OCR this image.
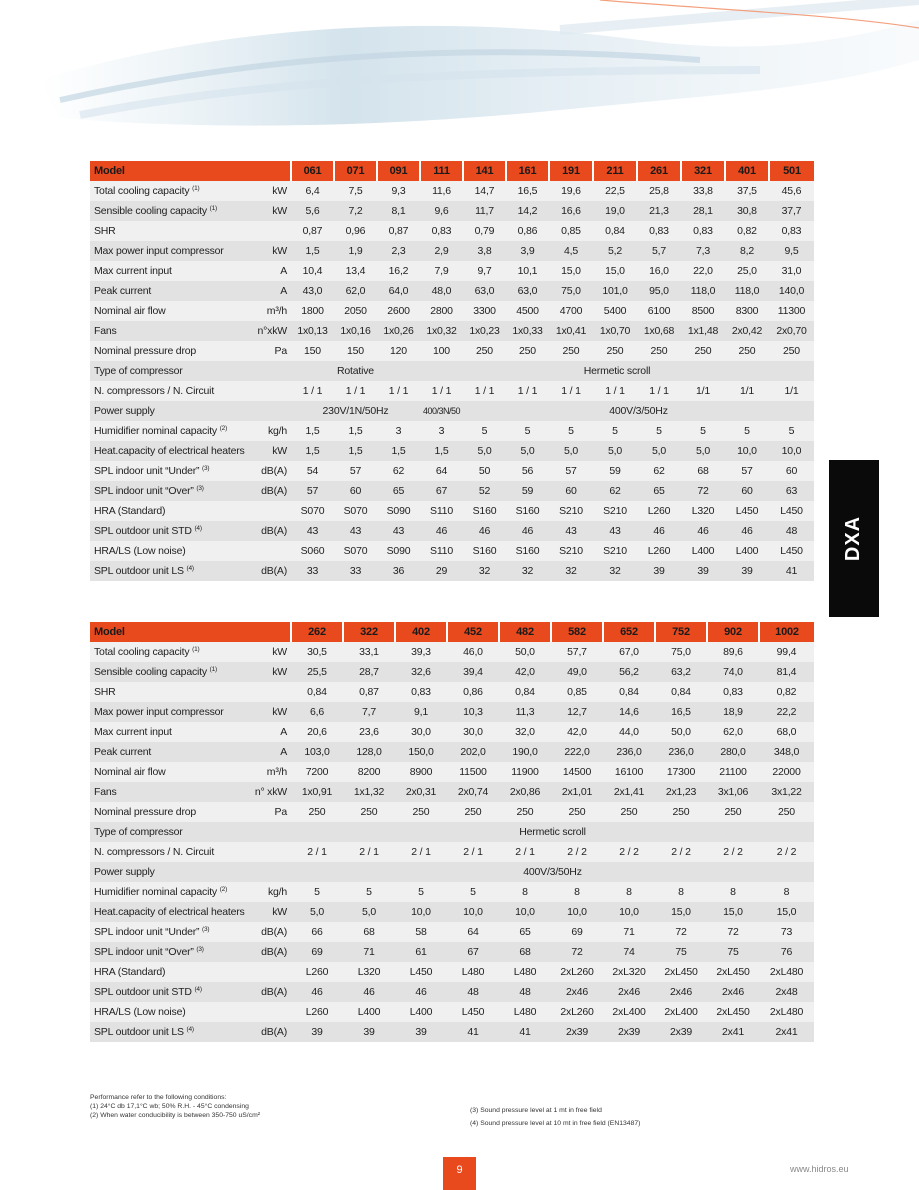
Model		061	071	091	111	141	161	191	211	261	321	401	501
Total cooling capacity $^{(1)}$	kW	6,4	7,5	9,3	11,6	14,7	16,5	19,6	22,5	25,8	33,8	37,5	45,6
Sensible cooling capacity $^{(1)}$	kW	5,6	7,2	8,1	9,6	11,7	14,2	16,6	19,0	21,3	28,1	30,8	37,7
SHR		0,87	0,96	0,87	0,83	0,79	0,86	0,85	0,84	0,83	0,83	0,82	0,83
Max power input compressor	kW	1,5	1,9	2,3	2,9	3,8	3,9	4,5	5,2	5,7	7,3	8,2	9,5
Max current input	A	10,4	13,4	16,2	7,9	9,7	10,1	15,0	15,0	16,0	22,0	25,0	31,0
Peak current	A	43,0	62,0	64,0	48,0	63,0	63,0	75,0	101,0	95,0	118,0	118,0	140,0
Nominal air flow	m³/h	1800	2050	2600	2800	3300	4500	4700	5400	6100	8500	8300	11300
Fans	n°xkW	1x0,13	1x0,16	1x0,26	1x0,32	1x0,23	1x0,33	1x0,41	1x0,70	1x0,68	1x1,48	2x0,42	2x0,70
Nominal pressure drop	Pa	150	150	120	100	250	250	250	250	250	250	250	250
Type of compressor		Rotative			Hermetic scroll								
N. compressors / N. Circuit		1 / 1	1 / 1	1 / 1	1 / 1	1 / 1	1 / 1	1 / 1	1 / 1	1 / 1	1/1	1/1	1/1
Power supply		230V/1N/50Hz			400/3N/50	400V/3/50Hz							
Humidifier nominal capacity $^{(2)}$	kg/h	1,5	1,5	3	3	5	5	5	5	5	5	5	5
Heat.capacity of electrical heaters	kW	1,5	1,5	1,5	1,5	5,0	5,0	5,0	5,0	5,0	5,0	10,0	10,0
SPL indoor unit “Under” $^{(3)}$	dB(A)	54	57	62	64	50	56	57	59	62	68	57	60
SPL indoor unit “Over” $^{(3)}$	dB(A)	57	60	65	67	52	59	60	62	65	72	60	63
HRA (Standard)		S070	S070	S090	S110	S160	S160	S210	S210	L260	L320	L450	L450
SPL outdoor unit STD $^{(4)}$	dB(A)	43	43	43	46	46	46	43	43	46	46	46	48
HRA/LS (Low noise)		S060	S070	S090	S110	S160	S160	S210	S210	L260	L400	L400	L450
SPL outdoor unit LS $^{(4)}$	dB(A)	33	33	36	29	32	32	32	32	39	39	39	41
Model		262	322	402	452	482	582	652	752	902	1002
Total cooling capacity $^{(1)}$	kW	30,5	33,1	39,3	46,0	50,0	57,7	67,0	75,0	89,6	99,4
Sensible cooling capacity $^{(1)}$	kW	25,5	28,7	32,6	39,4	42,0	49,0	56,2	63,2	74,0	81,4
SHR		0,84	0,87	0,83	0,86	0,84	0,85	0,84	0,84	0,83	0,82
Max power input compressor	kW	6,6	7,7	9,1	10,3	11,3	12,7	14,6	16,5	18,9	22,2
Max current input	A	20,6	23,6	30,0	30,0	32,0	42,0	44,0	50,0	62,0	68,0
Peak current	A	103,0	128,0	150,0	202,0	190,0	222,0	236,0	236,0	280,0	348,0
Nominal air flow	m³/h	7200	8200	8900	11500	11900	14500	16100	17300	21100	22000
Fans	n° xkW	1x0,91	1x1,32	2x0,31	2x0,74	2x0,86	2x1,01	2x1,41	2x1,23	3x1,06	3x1,22
Nominal pressure drop	Pa	250	250	250	250	250	250	250	250	250	250
Type of compressor		Hermetic scroll									
N. compressors / N. Circuit		2 / 1	2 / 1	2 / 1	2 / 1	2 / 1	2 / 2	2 / 2	2 / 2	2 / 2	2 / 2
Power supply		400V/3/50Hz									
Humidifier nominal capacity $^{(2)}$	kg/h	5	5	5	5	8	8	8	8	8	8
Heat.capacity of electrical heaters	kW	5,0	5,0	10,0	10,0	10,0	10,0	10,0	15,0	15,0	15,0
SPL indoor unit “Under” $^{(3)}$	dB(A)	66	68	58	64	65	69	71	72	72	73
SPL indoor unit “Over” $^{(3)}$	dB(A)	69	71	61	67	68	72	74	75	75	76
HRA (Standard)		L260	L320	L450	L480	L480	2xL260	2xL320	2xL450	2xL450	2xL480
SPL outdoor unit STD $^{(4)}$	dB(A)	46	46	46	48	48	2x46	2x46	2x46	2x46	2x48
HRA/LS (Low noise)		L260	L400	L400	L450	L480	2xL260	2xL400	2xL400	2xL450	2xL480
SPL outdoor unit LS $^{(4)}$	dB(A)	39	39	39	41	41	2x39	2x39	2x39	2x41	2x41
DXA
Performance refer to the following conditions:
(1) 24°C db 17,1°C wb; 50% R.H. - 45°C condensing
(2) When water conducibility is between 350-750 uS/cm²
(3) Sound pressure level at 1 mt in free field
(4) Sound pressure level at 10 mt in free field (EN13487)
9	www.hidros.eu
